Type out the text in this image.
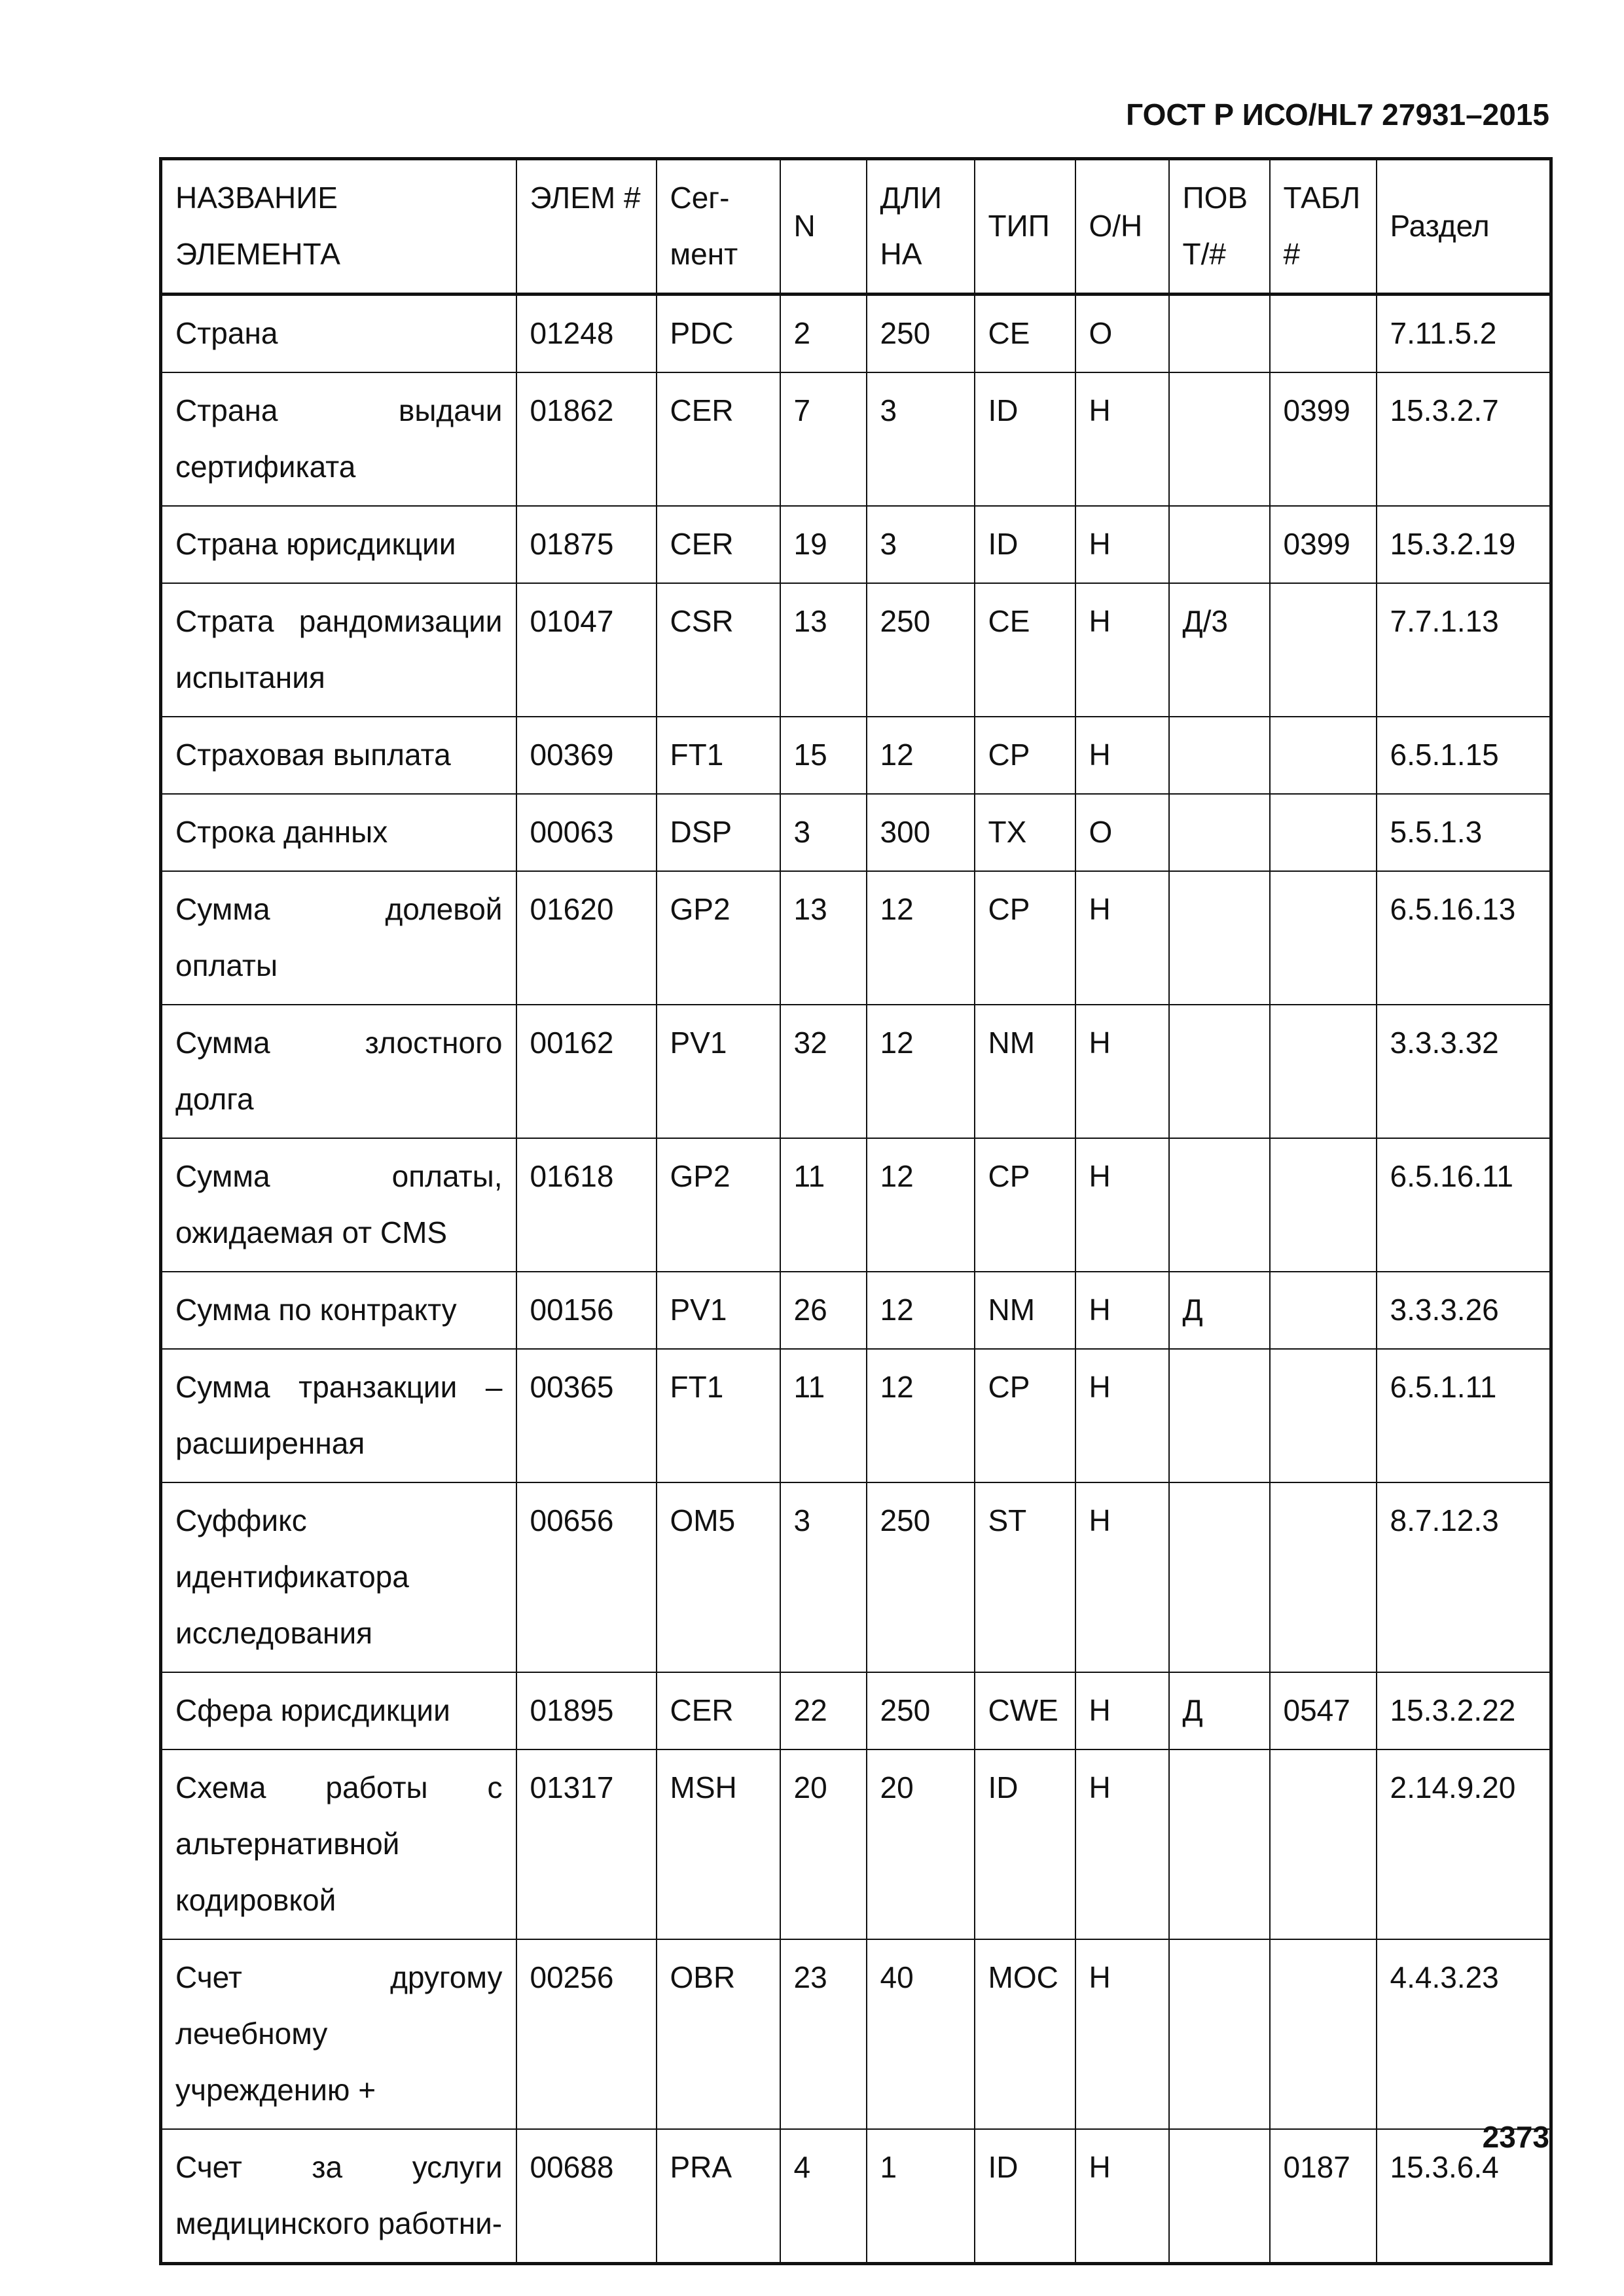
ГОСТ Р ИСО/HL7 27931–2015
НАЗВАНИЕ ЭЛЕМЕНТА	ЭЛЕМ #	Сег-мент	N	ДЛИНА	ТИП	О/Н	ПОВТ/#	ТАБЛ#	Раздел
Страна	01248	PDC	2	250	CE	O			7.11.5.2
Страна выдачи сертификата	01862	CER	7	3	ID	Н		0399	15.3.2.7
Страна юрисдикции	01875	CER	19	3	ID	Н		0399	15.3.2.19
Страта рандомизации испытания	01047	CSR	13	250	CE	Н	Д/3		7.7.1.13
Страховая выплата	00369	FT1	15	12	CP	Н			6.5.1.15
Строка данных	00063	DSP	3	300	TX	О			5.5.1.3
Сумма долевой оплаты	01620	GP2	13	12	CP	Н			6.5.16.13
Сумма злостного долга	00162	PV1	32	12	NM	Н			3.3.3.32
Сумма оплаты, ожидаемая от CMS	01618	GP2	11	12	CP	Н			6.5.16.11
Сумма по контракту	00156	PV1	26	12	NM	Н	Д		3.3.3.26
Сумма транзакции – расширенная	00365	FT1	11	12	CP	Н			6.5.1.11
Суффикс идентификатора исследования	00656	OM5	3	250	ST	Н			8.7.12.3
Сфера юрисдикции	01895	CER	22	250	CWE	Н	Д	0547	15.3.2.22
Схема работы с альтернативной кодировкой	01317	MSH	20	20	ID	Н			2.14.9.20
Счет другому лечебному учреждению +	00256	OBR	23	40	MOC	Н			4.4.3.23
Счет за услуги медицинского работни-	00688	PRA	4	1	ID	Н		0187	15.3.6.4
2373
